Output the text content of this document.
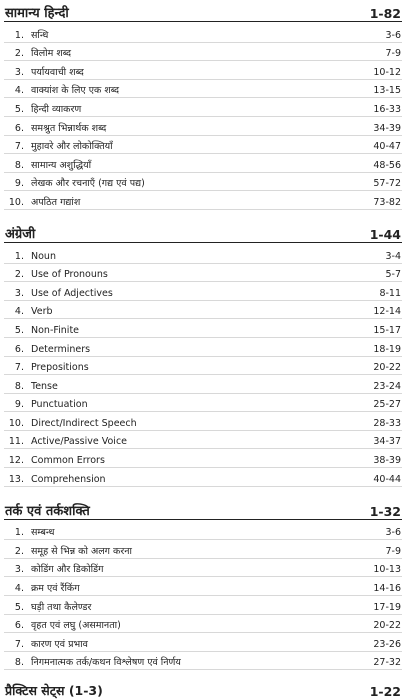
सामान्य हिन्दी	1-82
1. सन्धि	3-6
2. विलोम शब्द	7-9
3. पर्यायवाची शब्द	10-12
4. वाक्यांश के लिए एक शब्द	13-15
5. हिन्दी व्याकरण	16-33
6. समश्रुत भिन्नार्थक शब्द	34-39
7. मुहावरे और लोकोक्तियाँ	40-47
8. सामान्य अशुद्धियाँ	48-56
9. लेखक और रचनाएँ (गद्य एवं पद्य)	57-72
10. अपठित गद्यांश	73-82
अंग्रेजी	1-44
1. Noun	3-4
2. Use of Pronouns	5-7
3. Use of Adjectives	8-11
4. Verb	12-14
5. Non-Finite	15-17
6. Determiners	18-19
7. Prepositions	20-22
8. Tense	23-24
9. Punctuation	25-27
10. Direct/Indirect Speech	28-33
11. Active/Passive Voice	34-37
12. Common Errors	38-39
13. Comprehension	40-44
तर्क एवं तर्कशक्ति	1-32
1. सम्बन्ध	3-6
2. समूह से भिन्न को अलग करना	7-9
3. कोडिंग और डिकोडिंग	10-13
4. क्रम एवं रैंकिंग	14-16
5. घड़ी तथा कैलेण्डर	17-19
6. वृहत एवं लघु (असमानता)	20-22
7. कारण एवं प्रभाव	23-26
8. निगमनात्मक तर्क/कथन विश्लेषण एवं निर्णय	27-32
प्रैक्टिस सेट्स (1-3)	1-22
